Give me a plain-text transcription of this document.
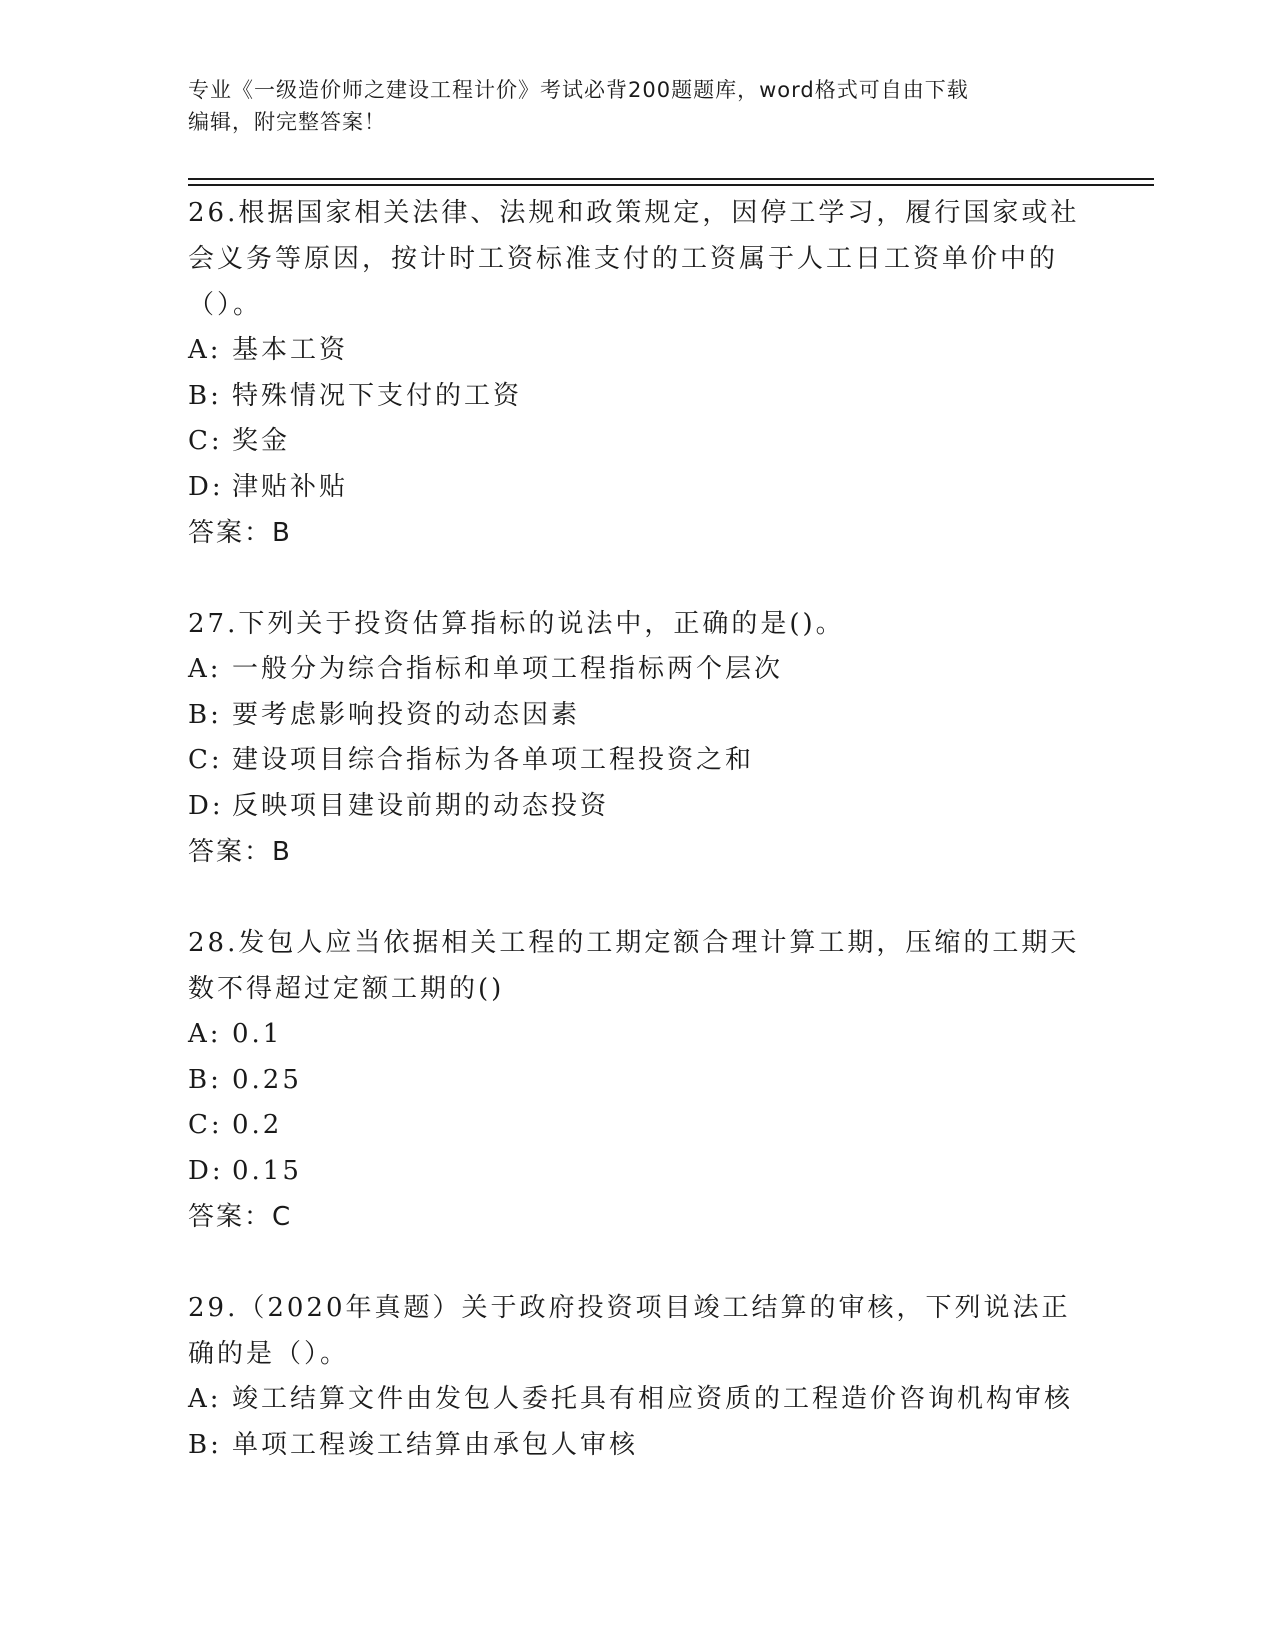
专业《一级造价师之建设工程计价》考试必背200题题库，word格式可自由下载
编辑，附完整答案！
26.根据国家相关法律、法规和政策规定，因停工学习，履行国家或社会义务等原因，按计时工资标准支付的工资属于人工日工资单价中的（）。
A: 基本工资
B: 特殊情况下支付的工资
C: 奖金
D: 津贴补贴
答案：B
27.下列关于投资估算指标的说法中，正确的是()。
A: 一般分为综合指标和单项工程指标两个层次
B: 要考虑影响投资的动态因素
C: 建设项目综合指标为各单项工程投资之和
D: 反映项目建设前期的动态投资
答案：B
28.发包人应当依据相关工程的工期定额合理计算工期，压缩的工期天数不得超过定额工期的()
A: 0.1
B: 0.25
C: 0.2
D: 0.15
答案：C
29.（2020年真题）关于政府投资项目竣工结算的审核，下列说法正确的是（）。
A: 竣工结算文件由发包人委托具有相应资质的工程造价咨询机构审核
B: 单项工程竣工结算由承包人审核
